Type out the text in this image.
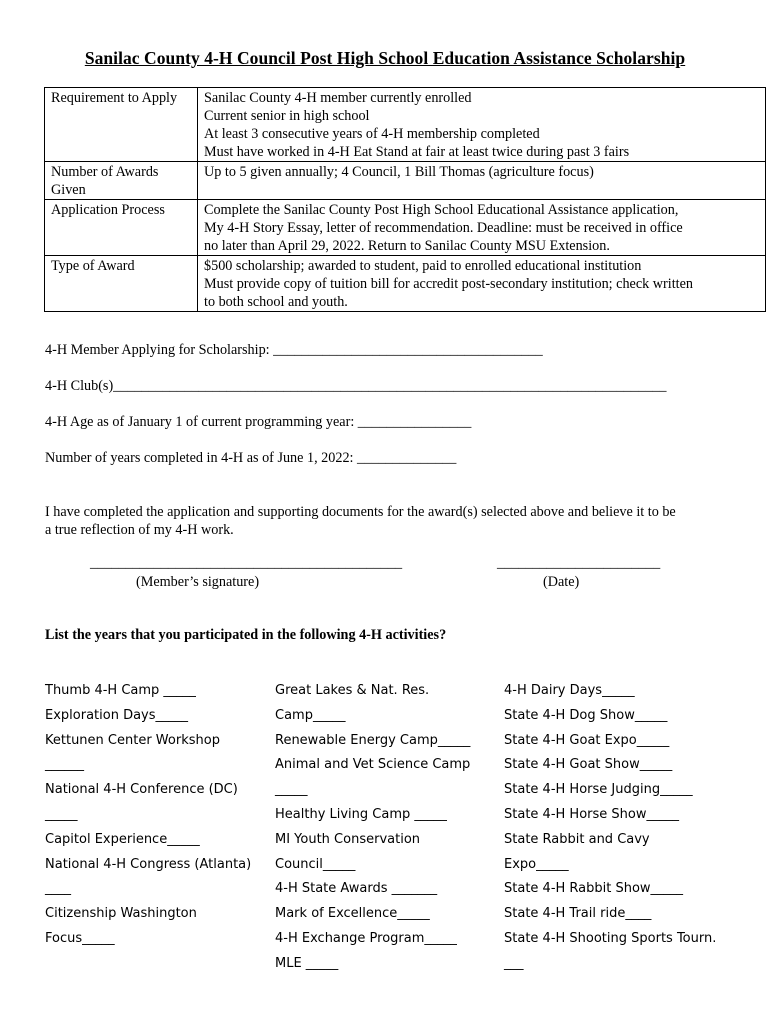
Sanilac County 4-H Council Post High School Education Assistance Scholarship
Requirement to Apply	Sanilac County 4-H member currently enrolled
Current senior in high school
At least 3 consecutive years of 4-H membership completed
Must have worked in 4-H Eat Stand at fair at least twice during past 3 fairs

Number of Awards
Given	Up to 5 given annually; 4 Council, 1 Bill Thomas (agriculture focus)

Application Process	Complete the Sanilac County Post High School Educational Assistance application,
My 4-H Story Essay, letter of recommendation. Deadline: must be received in office
no later than April 29, 2022. Return to Sanilac County MSU Extension.

Type of Award	$500 scholarship; awarded to student, paid to enrolled educational institution
Must provide copy of tuition bill for accredit post-secondary institution; check written
to both school and youth.
4-H Member Applying for Scholarship: ______________________________________
4-H Club(s)______________________________________________________________________________
4-H Age as of January 1 of current programming year: ________________
Number of years completed in 4-H as of June 1, 2022: ______________
I have completed the application and supporting documents for the award(s) selected above and believe it to be
a true reflection of my 4-H work.
____________________________________________	_______________________
(Member’s signature)	(Date)
List the years that you participated in the following 4-H activities?
Thumb 4-H Camp _____
Exploration Days_____
Kettunen Center Workshop
______
National 4-H Conference (DC)
_____
Capitol Experience_____
National 4-H Congress (Atlanta)
____
Citizenship Washington
Focus_____
Great Lakes & Nat. Res.
Camp_____
Renewable Energy Camp_____
Animal and Vet Science Camp
_____
Healthy Living Camp _____
MI Youth Conservation
Council_____
4-H State Awards _______
Mark of Excellence_____
4-H Exchange Program_____
MLE _____
4-H Dairy Days_____
State 4-H Dog Show_____
State 4-H Goat Expo_____
State 4-H Goat Show_____
State 4-H Horse Judging_____
State 4-H Horse Show_____
State Rabbit and Cavy
Expo_____
State 4-H Rabbit Show_____
State 4-H Trail ride____
State 4-H Shooting Sports Tourn.
___
